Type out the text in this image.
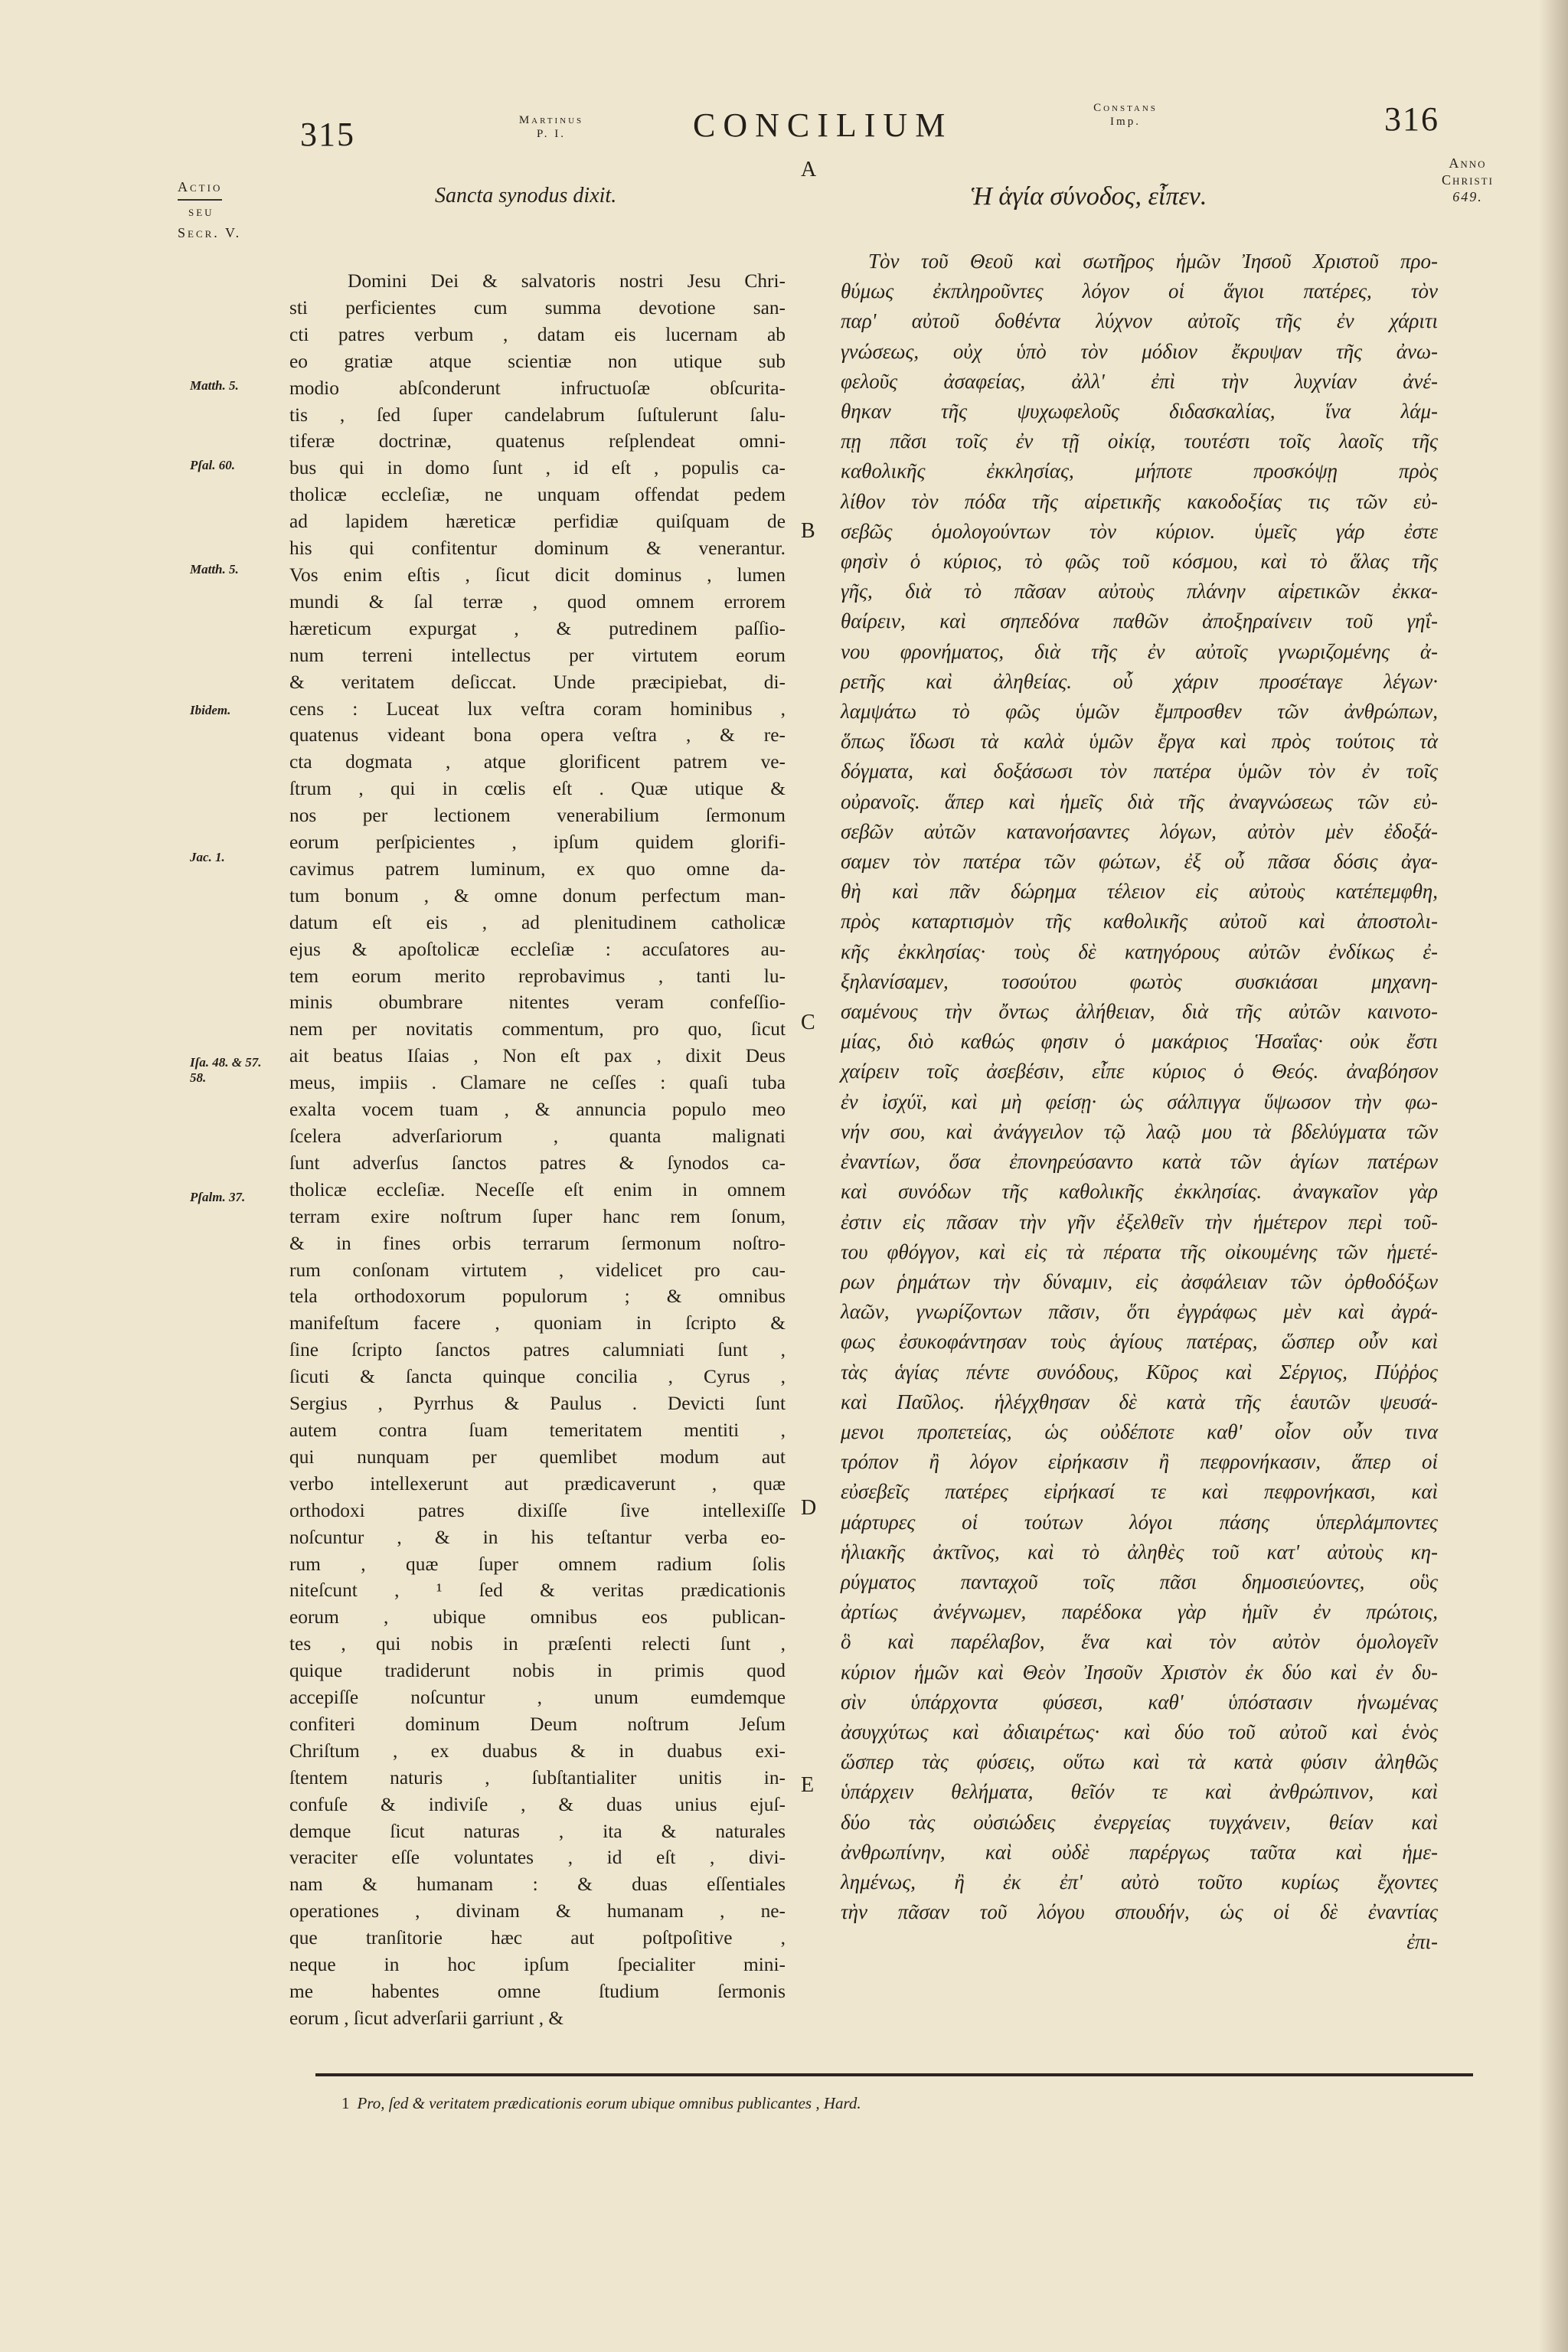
315	Martinus
P. I.	CONCILIUM	Constans
Imp.	316
Anno
Christi
649.
Actio
seu
Secr. V.
A
B
C
D
E
Sancta synodus dixit.	Ἡ ἁγία σύνοδος, εἶπεν.
Matth. 5.
Pſal. 60.
Matth. 5.
Ibidem.
Jac. 1.
Iſa. 48. & 57. 58.
Pſalm. 37.
Domini Dei & salvatoris nostri Jesu Chri-
sti perficientes cum summa devotione san-
cti patres verbum , datam eis lucernam ab
eo gratiæ atque scientiæ non utique sub
modio abſconderunt infructuoſæ obſcurita-
tis , ſed ſuper candelabrum ſuſtulerunt ſalu-
tiferæ doctrinæ, quatenus reſplendeat omni-
bus qui in domo ſunt , id eſt , populis ca-
tholicæ eccleſiæ, ne unquam offendat pedem
ad lapidem hæreticæ perfidiæ quiſquam de
his qui confitentur dominum & venerantur.
Vos enim eſtis , ſicut dicit dominus , lumen
mundi & ſal terræ , quod omnem errorem
hæreticum expurgat , & putredinem paſſio-
num terreni intellectus per virtutem eorum
& veritatem deſiccat. Unde præcipiebat, di-
cens : Luceat lux veſtra coram hominibus ,
quatenus videant bona opera veſtra , & re-
cta dogmata , atque glorificent patrem ve-
ſtrum , qui in cœlis eſt . Quæ utique &
nos per lectionem venerabilium ſermonum
eorum perſpicientes , ipſum quidem glorifi-
cavimus patrem luminum, ex quo omne da-
tum bonum , & omne donum perfectum man-
datum eſt eis , ad plenitudinem catholicæ
ejus & apoſtolicæ eccleſiæ : accuſatores au-
tem eorum merito reprobavimus , tanti lu-
minis obumbrare nitentes veram confeſſio-
nem per novitatis commentum, pro quo, ſicut
ait beatus Iſaias , Non eſt pax , dixit Deus
meus, impiis . Clamare ne ceſſes : quaſi tuba
exalta vocem tuam , & annuncia populo meo
ſcelera adverſariorum , quanta malignati
ſunt adverſus ſanctos patres & ſynodos ca-
tholicæ eccleſiæ. Neceſſe eſt enim in omnem
terram exire noſtrum ſuper hanc rem ſonum,
& in fines orbis terrarum ſermonum noſtro-
rum conſonam virtutem , videlicet pro cau-
tela orthodoxorum populorum ; & omnibus
manifeſtum facere , quoniam in ſcripto &
ſine ſcripto ſanctos patres calumniati ſunt ,
ſicuti & ſancta quinque concilia , Cyrus ,
Sergius , Pyrrhus & Paulus . Devicti ſunt
autem contra ſuam temeritatem mentiti ,
qui nunquam per quemlibet modum aut
verbo intellexerunt aut prædicaverunt , quæ
orthodoxi patres dixiſſe ſive intellexiſſe
noſcuntur , & in his teſtantur verba eo-
rum , quæ ſuper omnem radium ſolis
niteſcunt , ¹ ſed & veritas prædicationis
eorum , ubique omnibus eos publican-
tes , qui nobis in præſenti relecti ſunt ,
quique tradiderunt nobis in primis quod
accepiſſe noſcuntur , unum eumdemque
confiteri dominum Deum noſtrum Jeſum
Chriſtum , ex duabus & in duabus exi-
ſtentem naturis , ſubſtantialiter unitis in-
confuſe & indiviſe , & duas unius ejuſ-
demque ſicut naturas , ita & naturales
veraciter eſſe voluntates , id eſt , divi-
nam & humanam : & duas eſſentiales
operationes , divinam & humanam , ne-
que tranſitorie hæc aut poſtpoſitive ,
neque in hoc ipſum ſpecialiter mini-
me habentes omne ſtudium ſermonis
eorum , ſicut adverſarii garriunt , &
Τὸν τοῦ Θεοῦ καὶ σωτῆρος ἡμῶν Ἰησοῦ Χριστοῦ προ-
θύμως ἐκπληροῦντες λόγον οἱ ἅγιοι πατέρες, τὸν
παρ' αὐτοῦ δοθέντα λύχνον αὐτοῖς τῆς ἐν χάριτι
γνώσεως, οὐχ ὑπὸ τὸν μόδιον ἔκρυψαν τῆς ἀνω-
φελοῦς ἀσαφείας, ἀλλ' ἐπὶ τὴν λυχνίαν ἀνέ-
θηκαν τῆς ψυχωφελοῦς διδασκαλίας, ἵνα λάμ-
πῃ πᾶσι τοῖς ἐν τῇ οἰκίᾳ, τουτέστι τοῖς λαοῖς τῆς
καθολικῆς ἐκκλησίας, μήποτε προσκόψῃ πρὸς
λίθον τὸν πόδα τῆς αἱρετικῆς κακοδοξίας τις τῶν εὐ-
σεβῶς ὁμολογούντων τὸν κύριον. ὑμεῖς γάρ ἐστε
φησὶν ὁ κύριος, τὸ φῶς τοῦ κόσμου, καὶ τὸ ἅλας τῆς
γῆς, διὰ τὸ πᾶσαν αὐτοὺς πλάνην αἱρετικῶν ἐκκα-
θαίρειν, καὶ σηπεδόνα παθῶν ἀποξηραίνειν τοῦ γηΐ-
νου φρονήματος, διὰ τῆς ἐν αὐτοῖς γνωριζομένης ἀ-
ρετῆς καὶ ἀληθείας. οὗ χάριν προσέταγε λέγων·
λαμψάτω τὸ φῶς ὑμῶν ἔμπροσθεν τῶν ἀνθρώπων,
ὅπως ἴδωσι τὰ καλὰ ὑμῶν ἔργα καὶ πρὸς τούτοις τὰ
δόγματα, καὶ δοξάσωσι τὸν πατέρα ὑμῶν τὸν ἐν τοῖς
οὐρανοῖς. ἅπερ καὶ ἡμεῖς διὰ τῆς ἀναγνώσεως τῶν εὐ-
σεβῶν αὐτῶν κατανοήσαντες λόγων, αὐτὸν μὲν ἐδοξά-
σαμεν τὸν πατέρα τῶν φώτων, ἐξ οὗ πᾶσα δόσις ἀγα-
θὴ καὶ πᾶν δώρημα τέλειον εἰς αὐτοὺς κατέπεμφθη,
πρὸς καταρτισμὸν τῆς καθολικῆς αὐτοῦ καὶ ἀποστολι-
κῆς ἐκκλησίας· τοὺς δὲ κατηγόρους αὐτῶν ἐνδίκως ἐ-
ξηλανίσαμεν, τοσούτου φωτὸς συσκιάσαι μηχανη-
σαμένους τὴν ὄντως ἀλήθειαν, διὰ τῆς αὐτῶν καινοτο-
μίας, διὸ καθώς φησιν ὁ μακάριος Ἡσαΐας· οὐκ ἔστι
χαίρειν τοῖς ἀσεβέσιν, εἶπε κύριος ὁ Θεός. ἀναβόησον
ἐν ἰσχύϊ, καὶ μὴ φείσῃ· ὡς σάλπιγγα ὕψωσον τὴν φω-
νήν σου, καὶ ἀνάγγειλον τῷ λαῷ μου τὰ βδελύγματα τῶν
ἐναντίων, ὅσα ἐπονηρεύσαντο κατὰ τῶν ἁγίων πατέρων
καὶ συνόδων τῆς καθολικῆς ἐκκλησίας. ἀναγκαῖον γὰρ
ἐστιν εἰς πᾶσαν τὴν γῆν ἐξελθεῖν τὴν ἡμέτερον περὶ τοῦ-
του φθόγγον, καὶ εἰς τὰ πέρατα τῆς οἰκουμένης τῶν ἡμετέ-
ρων ῥημάτων τὴν δύναμιν, εἰς ἀσφάλειαν τῶν ὀρθοδόξων
λαῶν, γνωρίζοντων πᾶσιν, ὅτι ἐγγράφως μὲν καὶ ἀγρά-
φως ἐσυκοφάντησαν τοὺς ἁγίους πατέρας, ὥσπερ οὖν καὶ
τὰς ἁγίας πέντε συνόδους, Κῦρος καὶ Σέργιος, Πύῤῥος
καὶ Παῦλος. ἡλέγχθησαν δὲ κατὰ τῆς ἑαυτῶν ψευσά-
μενοι προπετείας, ὡς οὐδέποτε καθ' οἷον οὖν τινα
τρόπον ἢ λόγον εἰρήκασιν ἢ πεφρονήκασιν, ἅπερ οἱ
εὐσεβεῖς πατέρες εἰρήκασί τε καὶ πεφρονήκασι, καὶ
μάρτυρες οἱ τούτων λόγοι πάσης ὑπερλάμποντες
ἡλιακῆς ἀκτῖνος, καὶ τὸ ἀληθὲς τοῦ κατ' αὐτοὺς κη-
ρύγματος πανταχοῦ τοῖς πᾶσι δημοσιεύοντες, οὓς
ἀρτίως ἀνέγνωμεν, παρέδοκα γὰρ ἡμῖν ἐν πρώτοις,
ὃ καὶ παρέλαβον, ἕνα καὶ τὸν αὐτὸν ὁμολογεῖν
κύριον ἡμῶν καὶ Θεὸν Ἰησοῦν Χριστὸν ἐκ δύο καὶ ἐν δυ-
σὶν ὑπάρχοντα φύσεσι, καθ' ὑπόστασιν ἡνωμένας
ἀσυγχύτως καὶ ἀδιαιρέτως· καὶ δύο τοῦ αὐτοῦ καὶ ἑνὸς
ὥσπερ τὰς φύσεις, οὕτω καὶ τὰ κατὰ φύσιν ἀληθῶς
ὑπάρχειν θελήματα, θεῖόν τε καὶ ἀνθρώπινον, καὶ
δύο τὰς οὐσιώδεις ἐνεργείας τυγχάνειν, θείαν καὶ
ἀνθρωπίνην, καὶ οὐδὲ παρέργως ταῦτα καὶ ἡμε-
λημένως, ἢ ἐκ ἐπ' αὐτὸ τοῦτο κυρίως ἔχοντες
τὴν πᾶσαν τοῦ λόγου σπουδήν, ὡς οἱ δὲ ἐναντίας
ἐπι-
1 Pro, ſed & veritatem prædicationis eorum ubique omnibus publicantes , Hard.
